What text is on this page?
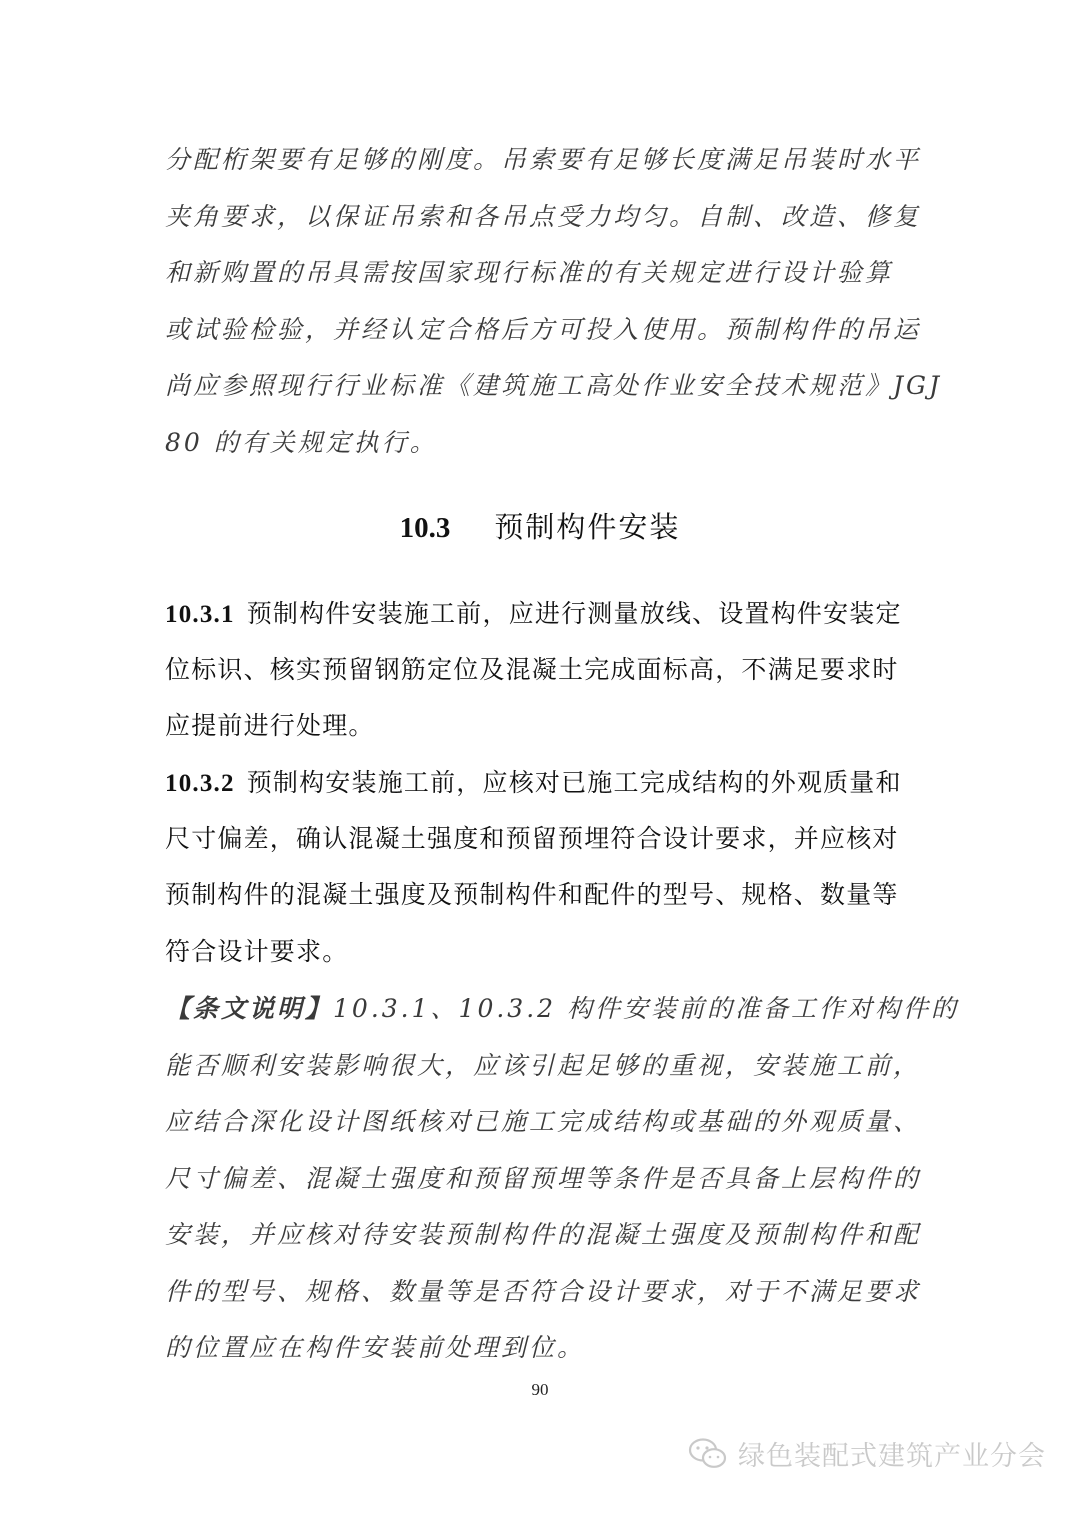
分配桁架要有足够的刚度。吊索要有足够长度满足吊装时水平
夹角要求，以保证吊索和各吊点受力均匀。自制、改造、修复
和新购置的吊具需按国家现行标准的有关规定进行设计验算
或试验检验，并经认定合格后方可投入使用。预制构件的吊运
尚应参照现行行业标准《建筑施工高处作业安全技术规范》JGJ
80 的有关规定执行。
10.3 预制构件安装
10.3.1 预制构件安装施工前，应进行测量放线、设置构件安装定
位标识、核实预留钢筋定位及混凝土完成面标高，不满足要求时
应提前进行处理。
10.3.2 预制构安装施工前，应核对已施工完成结构的外观质量和
尺寸偏差，确认混凝土强度和预留预埋符合设计要求，并应核对
预制构件的混凝土强度及预制构件和配件的型号、规格、数量等
符合设计要求。
【条文说明】10.3.1、10.3.2 构件安装前的准备工作对构件的
能否顺利安装影响很大，应该引起足够的重视，安装施工前，
应结合深化设计图纸核对已施工完成结构或基础的外观质量、
尺寸偏差、混凝土强度和预留预埋等条件是否具备上层构件的
安装，并应核对待安装预制构件的混凝土强度及预制构件和配
件的型号、规格、数量等是否符合设计要求，对于不满足要求
的位置应在构件安装前处理到位。
90
绿色装配式建筑产业分会
